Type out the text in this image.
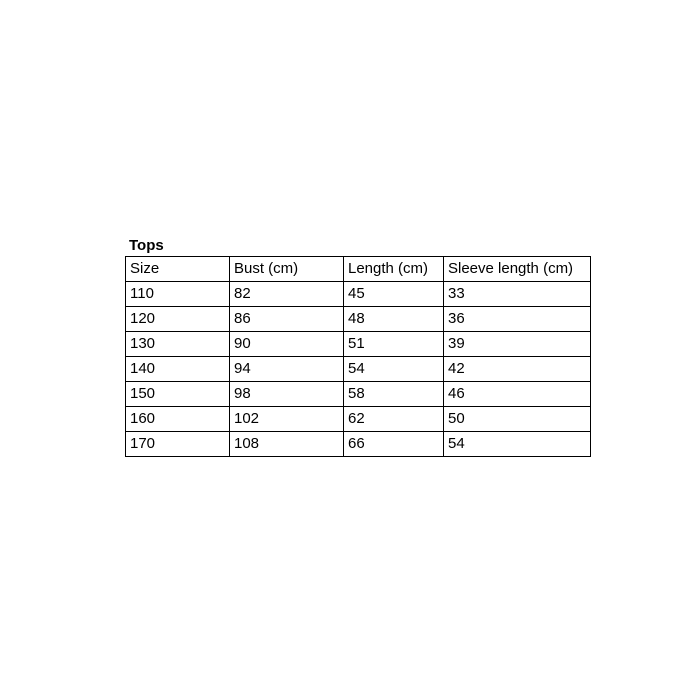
Tops
Size	Bust (cm)	Length (cm)	Sleeve length (cm)
110	82	45	33
120	86	48	36
130	90	51	39
140	94	54	42
150	98	58	46
160	102	62	50
170	108	66	54
